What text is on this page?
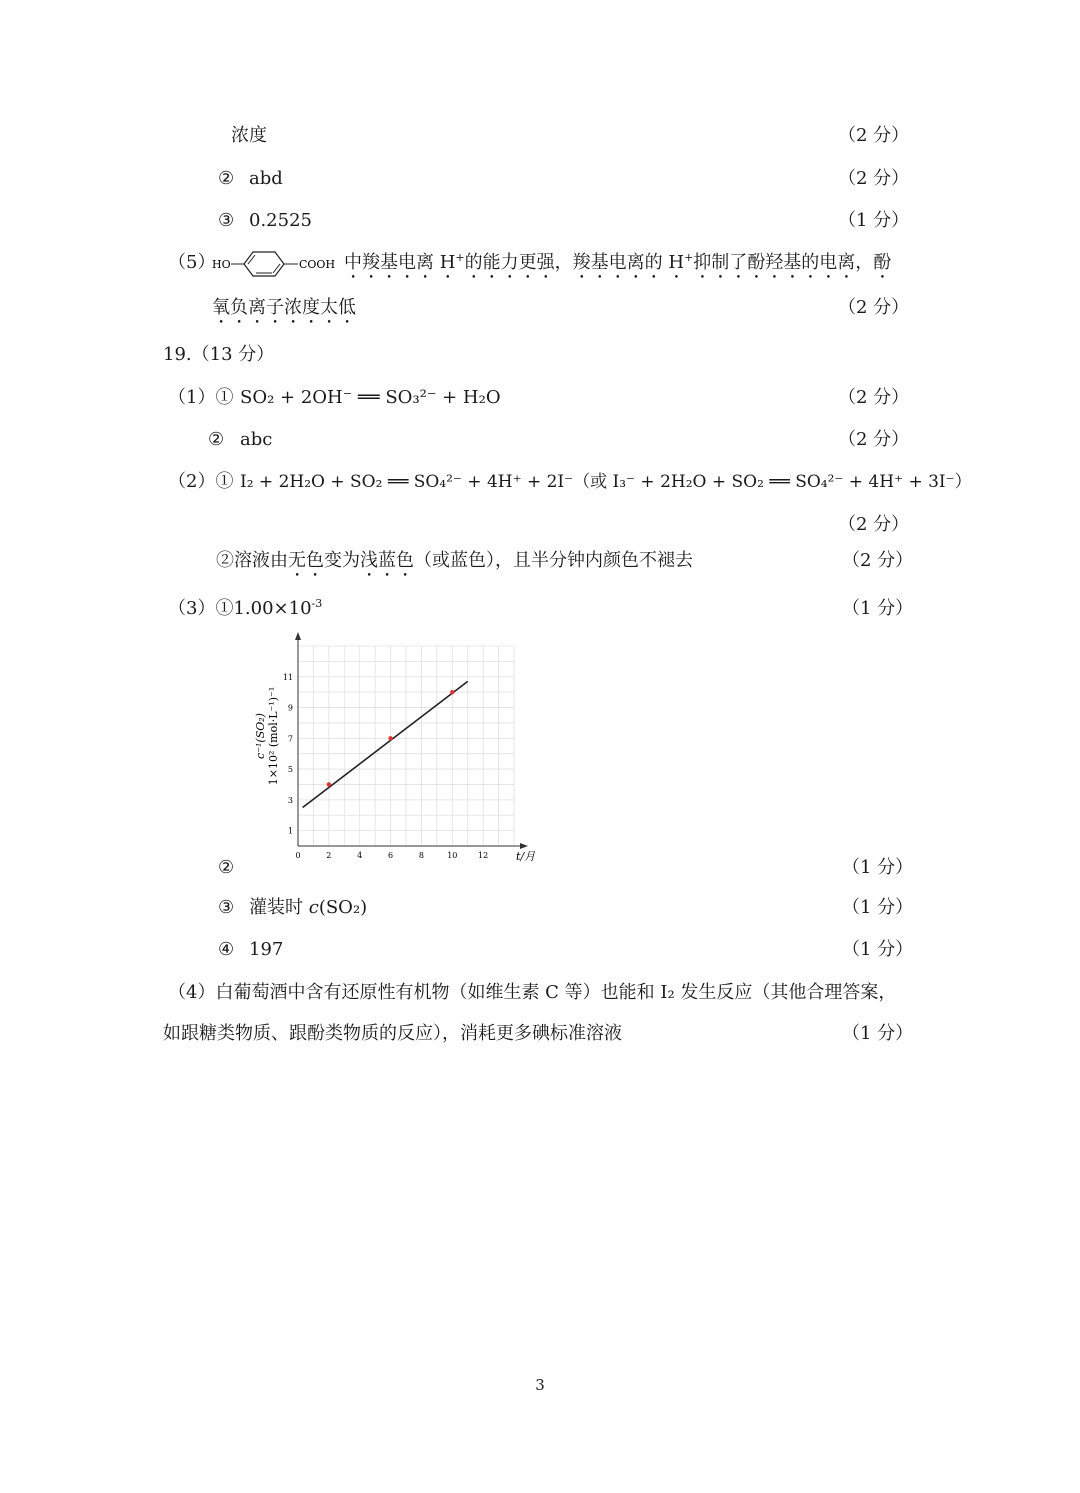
浓度	（2 分）
② abd	（2 分）
③ 0.2525	（1 分）
（5）
HO	COOH 中羧基电离 H+的能力更强，羧基电离的 H+抑制了酚羟基的电离，酚
氧负离子浓度太低	（2 分）
19.（13 分）
（1）① SO₂ + 2OH⁻ ══ SO₃²⁻ + H₂O	（2 分）
② abc	（2 分）
（2）① I₂ + 2H₂O + SO₂ ══ SO₄²⁻ + 4H⁺ + 2I⁻（或 I₃⁻ + 2H₂O + SO₂ ══ SO₄²⁻ + 4H⁺ + 3I⁻）
（2 分）
②溶液由无色变为浅蓝色（或蓝色），且半分钟内颜色不褪去	（2 分）
$(3)①1.00\times 10^{-3}$	（1 分）
0	2	4	6	8	10	12
1
3
5
7
9
11
c⁻¹(SO₂) 1×10² (mol·L⁻¹)⁻¹
t/月
②	（1 分）
③ 灌装时 c(SO₂)	（1 分）
④ 197	（1 分）
（4）白葡萄酒中含有还原性有机物（如维生素 C 等）也能和 I₂ 发生反应（其他合理答案，
如跟糖类物质、跟酚类物质的反应），消耗更多碘标准溶液	（1 分）
3
